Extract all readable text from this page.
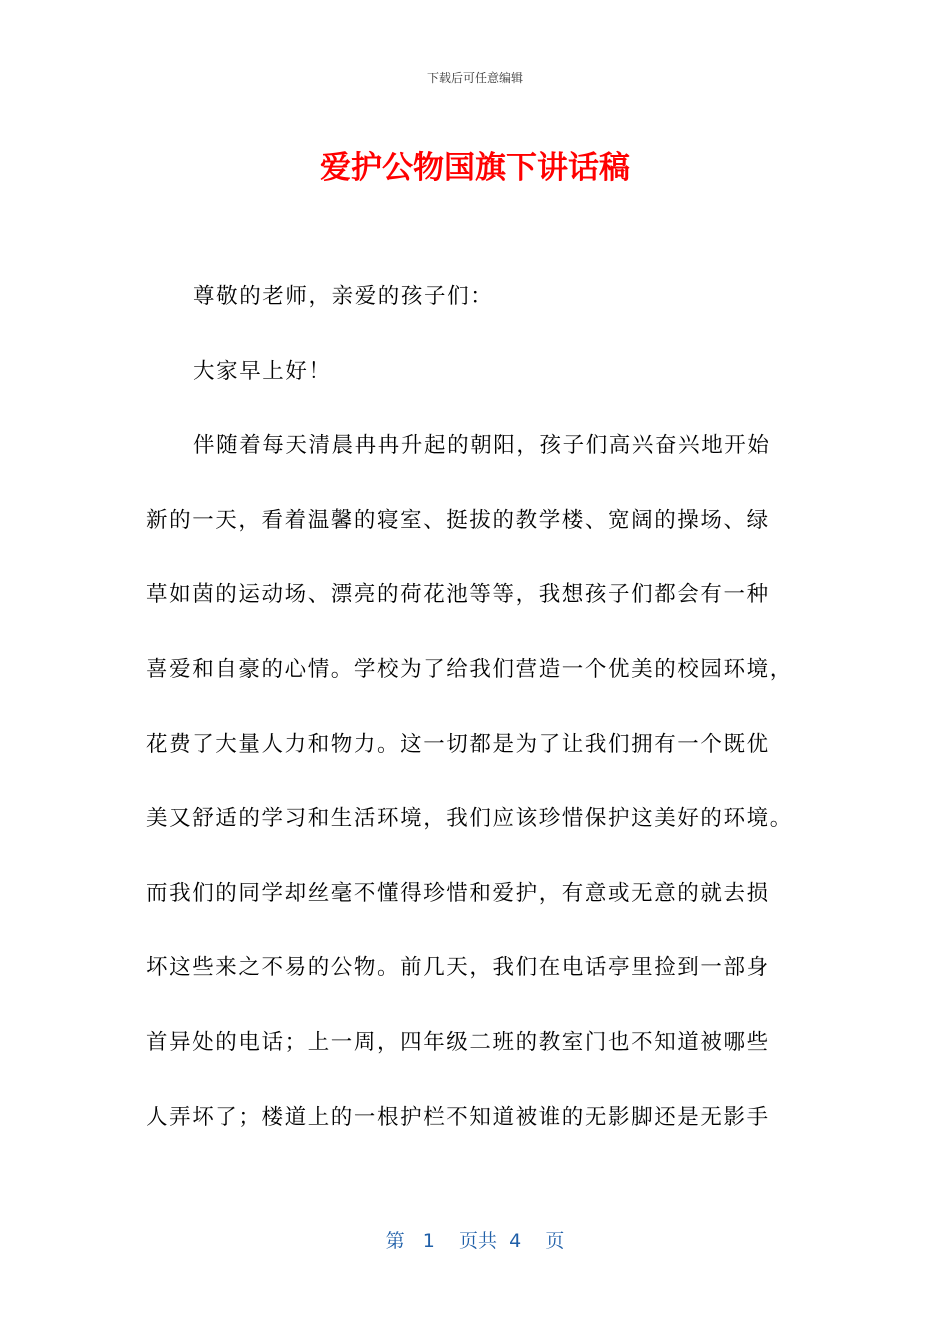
下载后可任意编辑
爱护公物国旗下讲话稿
尊敬的老师，亲爱的孩子们：
大家早上好！
伴随着每天清晨冉冉升起的朝阳，孩子们高兴奋兴地开始
新的一天，看着温馨的寝室、挺拔的教学楼、宽阔的操场、绿
草如茵的运动场、漂亮的荷花池等等，我想孩子们都会有一种
喜爱和自豪的心情。学校为了给我们营造一个优美的校园环境，
花费了大量人力和物力。这一切都是为了让我们拥有一个既优
美又舒适的学习和生活环境，我们应该珍惜保护这美好的环境。
而我们的同学却丝毫不懂得珍惜和爱护，有意或无意的就去损
坏这些来之不易的公物。前几天，我们在电话亭里捡到一部身
首异处的电话；上一周，四年级二班的教室门也不知道被哪些
人弄坏了；楼道上的一根护栏不知道被谁的无影脚还是无影手
第 1 页共 4 页
